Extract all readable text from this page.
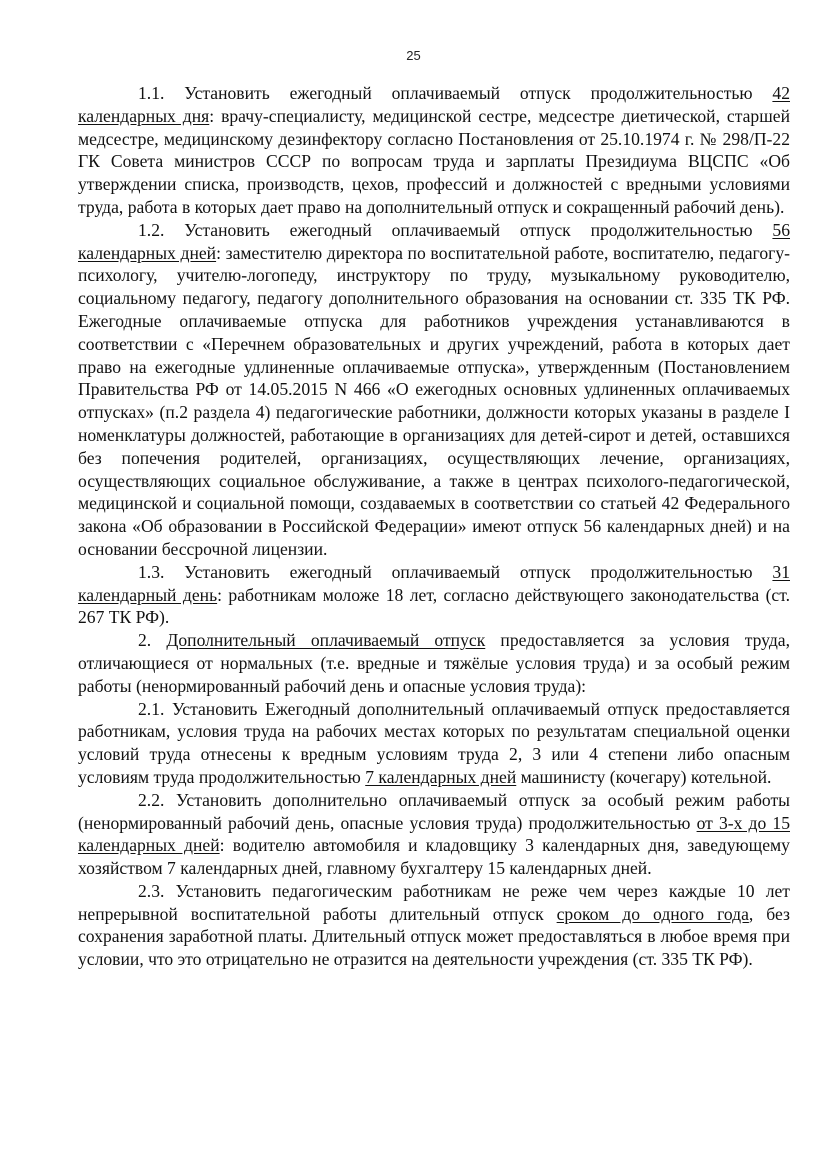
25

1.1. Установить ежегодный оплачиваемый отпуск продолжительностью 42 календарных дня: врачу-специалисту, медицинской сестре, медсестре диетической, старшей медсестре, медицинскому дезинфектору согласно Постановления от 25.10.1974 г. № 298/П-22 ГК Совета министров СССР по вопросам труда и зарплаты Президиума ВЦСПС «Об утверждении списка, производств, цехов, профессий и должностей с вредными условиями труда, работа в которых дает право на дополнительный отпуск и сокращенный рабочий день).

1.2. Установить ежегодный оплачиваемый отпуск продолжительностью 56 календарных дней: заместителю директора по воспитательной работе, воспитателю, педагогу-психологу, учителю-логопеду, инструктору по труду, музыкальному руководителю, социальному педагогу, педагогу дополнительного образования на основании ст. 335 ТК РФ. Ежегодные оплачиваемые отпуска для работников учреждения устанавливаются в соответствии с «Перечнем образовательных и других учреждений, работа в которых дает право на ежегодные удлиненные оплачиваемые отпуска», утвержденным (Постановлением Правительства РФ от 14.05.2015 N 466 «О ежегодных основных удлиненных оплачиваемых отпусках» (п.2 раздела 4) педагогические работники, должности которых указаны в разделе I номенклатуры должностей, работающие в организациях для детей-сирот и детей, оставшихся без попечения родителей, организациях, осуществляющих лечение, организациях, осуществляющих социальное обслуживание, а также в центрах психолого-педагогической, медицинской и социальной помощи, создаваемых в соответствии со статьей 42 Федерального закона «Об образовании в Российской Федерации» имеют отпуск 56 календарных дней) и на основании бессрочной лицензии.

1.3. Установить ежегодный оплачиваемый отпуск продолжительностью 31 календарный день: работникам моложе 18 лет, согласно действующего законодательства (ст. 267 ТК РФ).

2. Дополнительный оплачиваемый отпуск предоставляется за условия труда, отличающиеся от нормальных (т.е. вредные и тяжёлые условия труда) и за особый режим работы (ненормированный рабочий день и опасные условия труда):

2.1. Установить Ежегодный дополнительный оплачиваемый отпуск предоставляется работникам, условия труда на рабочих местах которых по результатам специальной оценки условий труда отнесены к вредным условиям труда 2, 3 или 4 степени либо опасным условиям труда продолжительностью 7 календарных дней машинисту (кочегару) котельной.

2.2. Установить дополнительно оплачиваемый отпуск за особый режим работы (ненормированный рабочий день, опасные условия труда) продолжительностью от 3-х до 15 календарных дней: водителю автомобиля и кладовщику 3 календарных дня, заведующему хозяйством 7 календарных дней, главному бухгалтеру 15 календарных дней.

2.3. Установить педагогическим работникам не реже чем через каждые 10 лет непрерывной воспитательной работы длительный отпуск сроком до одного года, без сохранения заработной платы. Длительный отпуск может предоставляться в любое время при условии, что это отрицательно не отразится на деятельности учреждения (ст. 335 ТК РФ).
